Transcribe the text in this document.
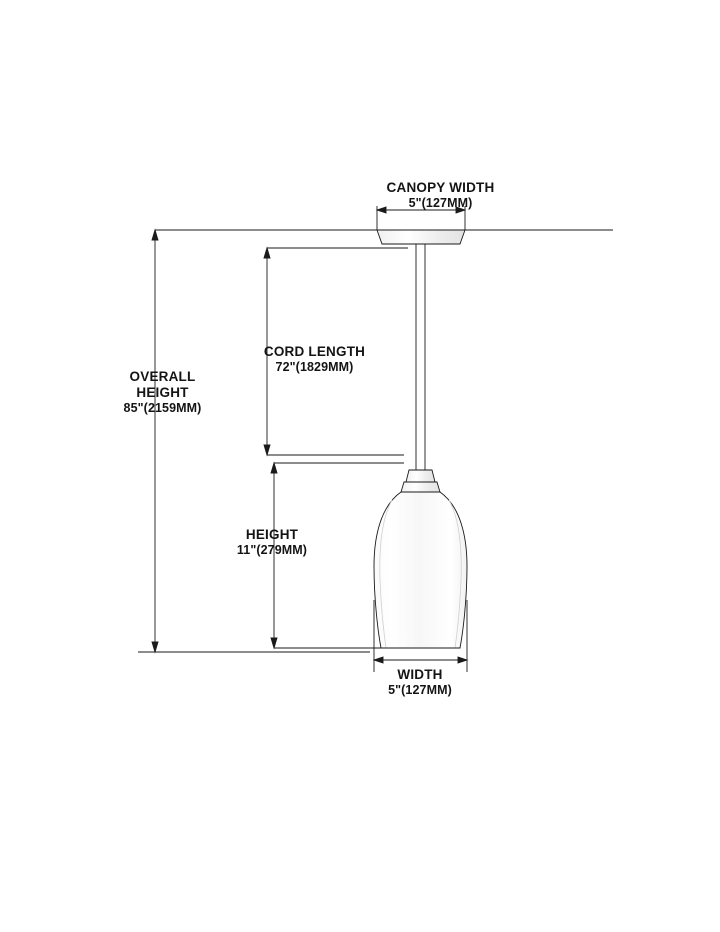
CANOPY WIDTH
5"(127MM)
CORD LENGTH
72"(1829MM)
OVERALL
HEIGHT
85"(2159MM)
HEIGHT
11"(279MM)
WIDTH
5"(127MM)
